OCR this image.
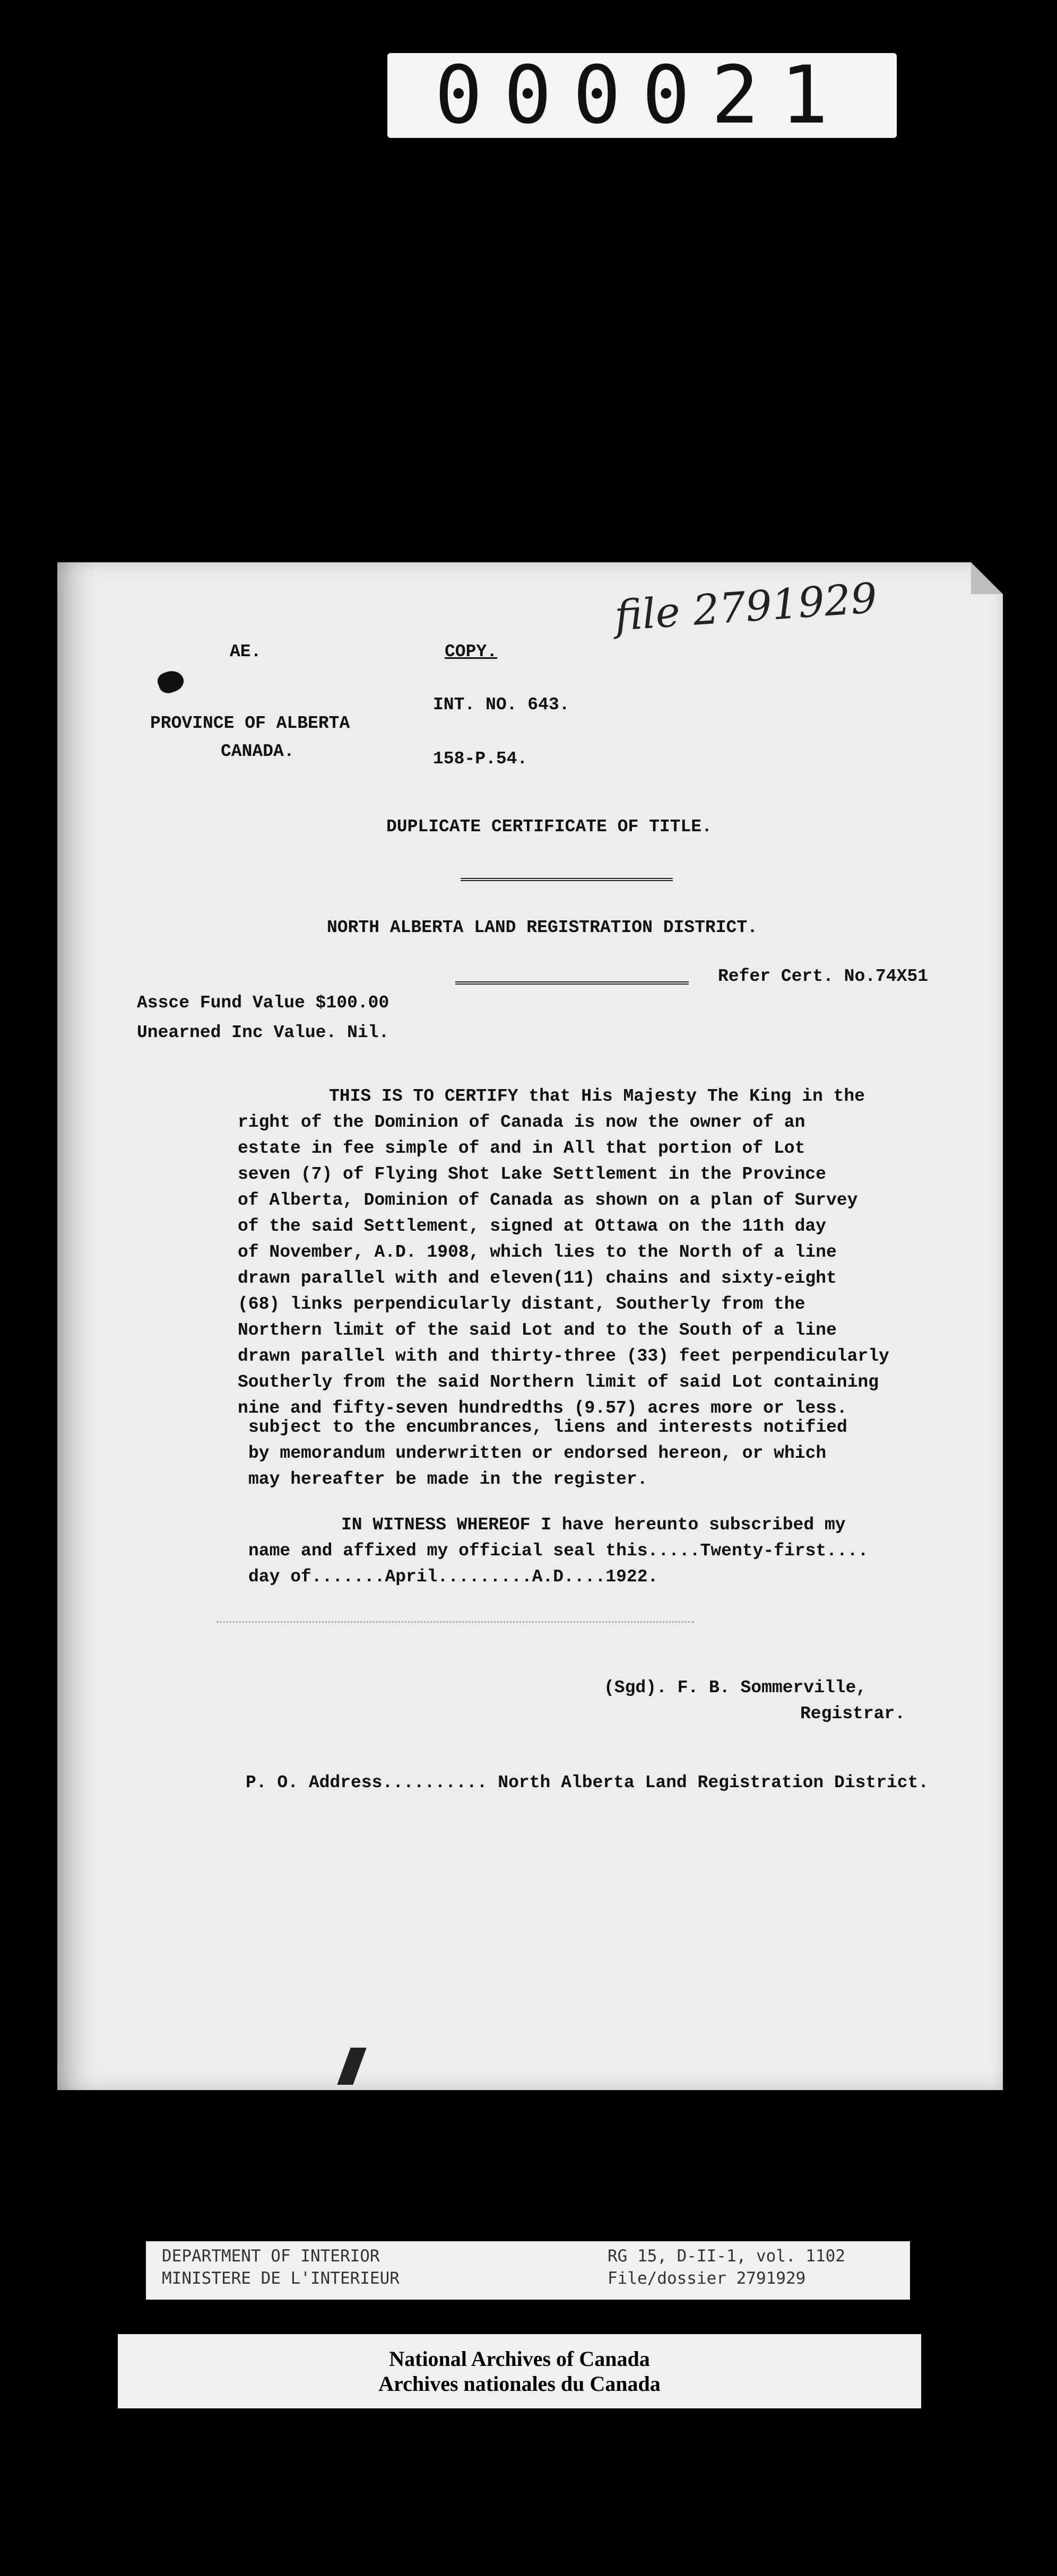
000021
file 2791929
AE.	COPY.
PROVINCE OF ALBERTA
CANADA.
INT. NO. 643.
158-P.54.
DUPLICATE CERTIFICATE OF TITLE.
NORTH ALBERTA LAND REGISTRATION DISTRICT.
Refer Cert. No.74X51
Assce Fund Value $100.00
Unearned Inc Value. Nil.
THIS IS TO CERTIFY that His Majesty The King in the
right of the Dominion of Canada is now the owner of an
estate in fee simple of and in All that portion of Lot
seven (7) of Flying Shot Lake Settlement in the Province
of Alberta, Dominion of Canada as shown on a plan of Survey
of the said Settlement, signed at Ottawa on the 11th day
of November, A.D. 1908, which lies to the North of a line
drawn parallel with and eleven(11) chains and sixty-eight
(68) links perpendicularly distant, Southerly from the
Northern limit of the said Lot and to the South of a line
drawn parallel with and thirty-three (33) feet perpendicularly
Southerly from the said Northern limit of said Lot containing
nine and fifty-seven hundredths (9.57) acres more or less.
subject to the encumbrances, liens and interests notified
by memorandum underwritten or endorsed hereon, or which
may hereafter be made in the register.
IN WITNESS WHEREOF I have hereunto subscribed my
name and affixed my official seal this.....Twenty-first....
day of.......April.........A.D....1922.
(Sgd). F. B. Sommerville,
Registrar.
P. O. Address.......... North Alberta Land Registration District.
DEPARTMENT OF INTERIOR
MINISTERE DE L'INTERIEUR
RG 15, D-II-1, vol. 1102
File/dossier 2791929
National Archives of Canada
Archives nationales du Canada
